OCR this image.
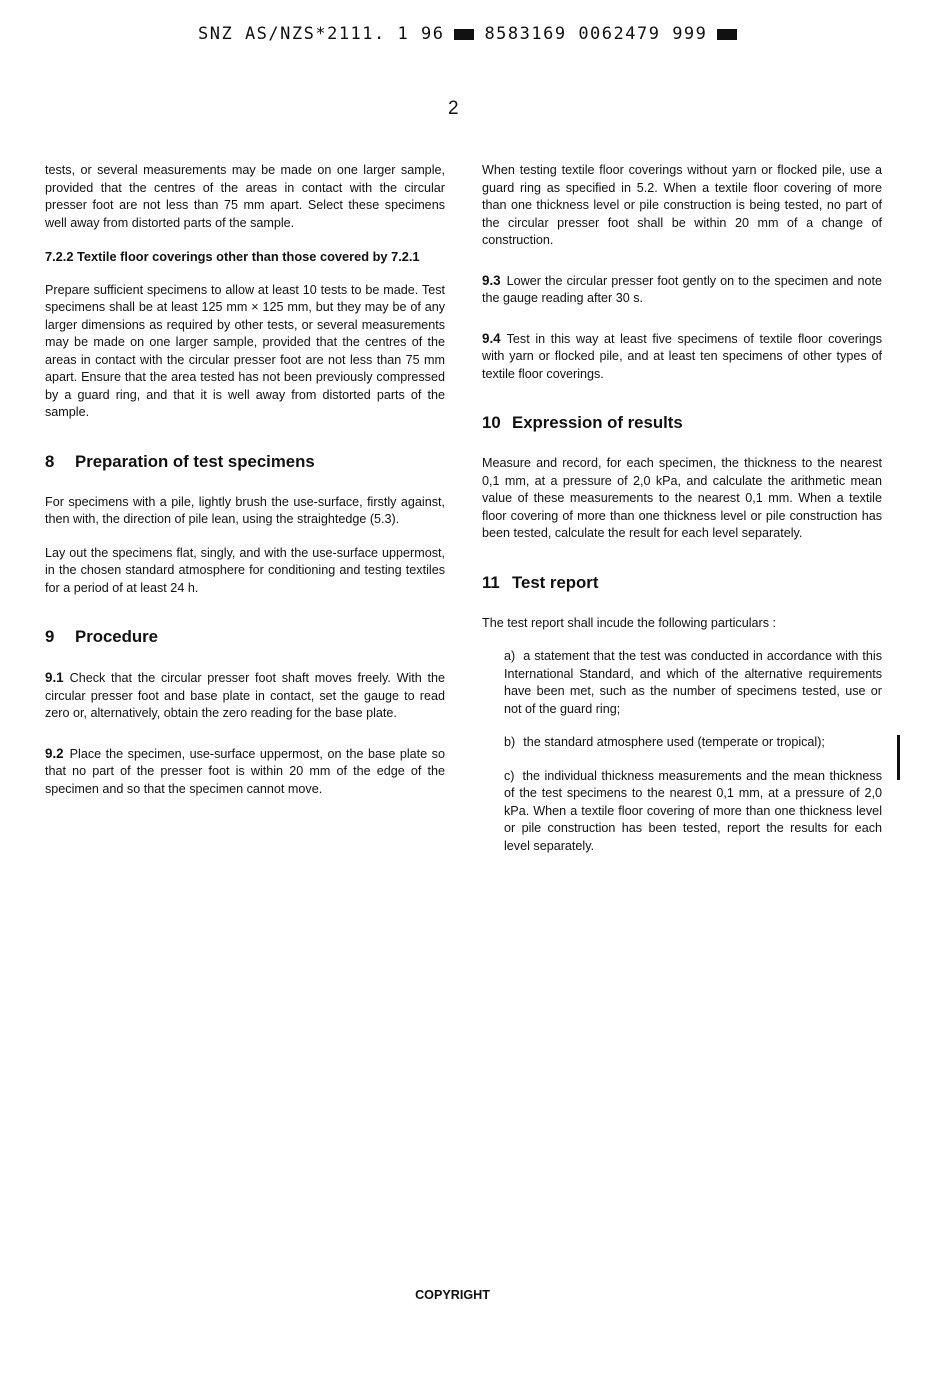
SNZ AS/NZS*2111. 1 96 8583169 0062479 999
2

tests, or several measurements may be made on one larger sample, provided that the centres of the areas in contact with the circular presser foot are not less than 75 mm apart. Select these specimens well away from distorted parts of the sample.

7.2.2 Textile floor coverings other than those covered by 7.2.1

Prepare sufficient specimens to allow at least 10 tests to be made. Test specimens shall be at least 125 mm × 125 mm, but they may be of any larger dimensions as required by other tests, or several measurements may be made on one larger sample, provided that the centres of the areas in contact with the circular presser foot are not less than 75 mm apart. Ensure that the area tested has not been previously compressed by a guard ring, and that it is well away from distorted parts of the sample.

8 Preparation of test specimens

For specimens with a pile, lightly brush the use-surface, firstly against, then with, the direction of pile lean, using the straightedge (5.3).

Lay out the specimens flat, singly, and with the use-surface uppermost, in the chosen standard atmosphere for conditioning and testing textiles for a period of at least 24 h.

9 Procedure

9.1 Check that the circular presser foot shaft moves freely. With the circular presser foot and base plate in contact, set the gauge to read zero or, alternatively, obtain the zero reading for the base plate.

9.2 Place the specimen, use-surface uppermost, on the base plate so that no part of the presser foot is within 20 mm of the edge of the specimen and so that the specimen cannot move.

When testing textile floor coverings without yarn or flocked pile, use a guard ring as specified in 5.2. When a textile floor covering of more than one thickness level or pile construction is being tested, no part of the circular presser foot shall be within 20 mm of a change of construction.

9.3 Lower the circular presser foot gently on to the specimen and note the gauge reading after 30 s.

9.4 Test in this way at least five specimens of textile floor coverings with yarn or flocked pile, and at least ten specimens of other types of textile floor coverings.

10 Expression of results

Measure and record, for each specimen, the thickness to the nearest 0,1 mm, at a pressure of 2,0 kPa, and calculate the arithmetic mean value of these measurements to the nearest 0,1 mm. When a textile floor covering of more than one thickness level or pile construction has been tested, calculate the result for each level separately.

11 Test report

The test report shall incude the following particulars :

a) a statement that the test was conducted in accordance with this International Standard, and which of the alternative requirements have been met, such as the number of specimens tested, use or not of the guard ring;

b) the standard atmosphere used (temperate or tropical);

c) the individual thickness measurements and the mean thickness of the test specimens to the nearest 0,1 mm, at a pressure of 2,0 kPa. When a textile floor covering of more than one thickness level or pile construction has been tested, report the results for each level separately.

COPYRIGHT
